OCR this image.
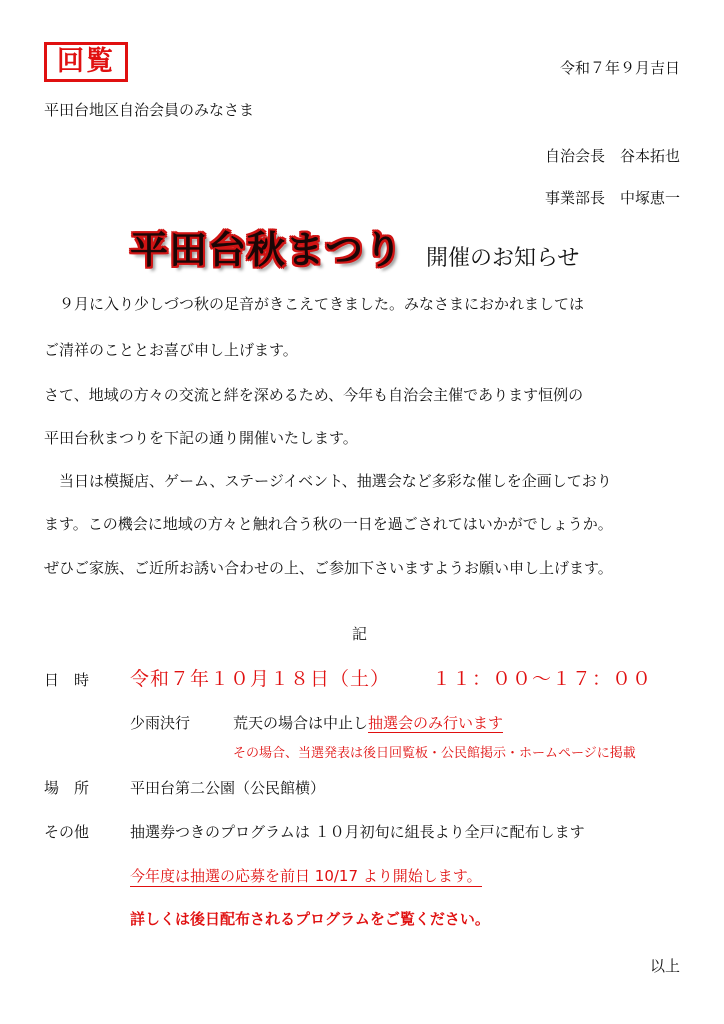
回覧	令和７年９月吉日
平田台地区自治会員のみなさま
自治会長　 谷本拓也
事業部長　 中塚恵一
平田台秋まつり 開催のお知らせ
　９月に入り少しづつ秋の足音がきこえてきました。みなさまにおかれましては
ご清祥のこととお喜び申し上げます。
さて、地域の方々の交流と絆を深めるため、今年も自治会主催であります恒例の
平田台秋まつりを下記の通り開催いたします。
　当日は模擬店、ゲーム、ステージイベント、抽選会など多彩な催しを企画しており
ます。この機会に地域の方々と触れ合う秋の一日を過ごされてはいかがでしょうか。
ぜひご家族、ご近所お誘い合わせの上、ご参加下さいますようお願い申し上げます。
記
日　時 令和７年１０月１８日（土） １１：００～１７：００
少雨決行	荒天の場合は中止し抽選会のみ行います
その場合、当選発表は後日回覧板・公民館掲示・ホームページに掲載
場　所	平田台第二公園（公民館横）
その他	抽選券つきのプログラムは １０月初旬に組長より全戸に配布します
今年度は抽選の応募を前日 10/17 より開始します。
詳しくは後日配布されるプログラムをご覧ください。
以上
